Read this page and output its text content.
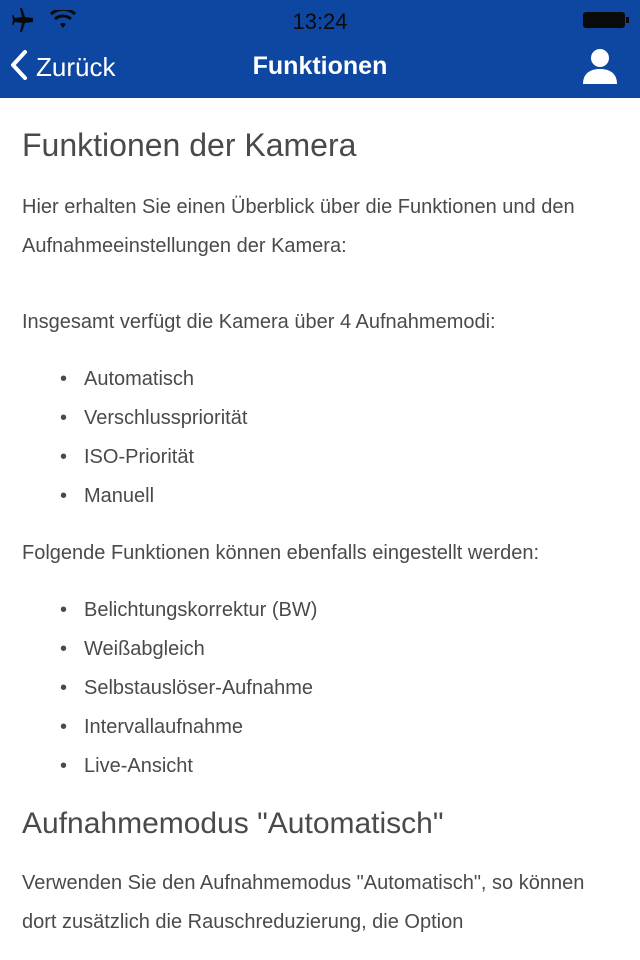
13:24
Zurück	Funktionen
Funktionen der Kamera

Hier erhalten Sie einen Überblick über die Funktionen und den Aufnahmeeinstellungen der Kamera:

Insgesamt verfügt die Kamera über 4 Aufnahmemodi:

• Automatisch
• Verschlusspriorität
• ISO-Priorität
• Manuell

Folgende Funktionen können ebenfalls eingestellt werden:

• Belichtungskorrektur (BW)
• Weißabgleich
• Selbstauslöser-Aufnahme
• Intervallaufnahme
• Live-Ansicht
Aufnahmemodus "Automatisch"

Verwenden Sie den Aufnahmemodus "Automatisch", so können dort zusätzlich die Rauschreduzierung, die Option
